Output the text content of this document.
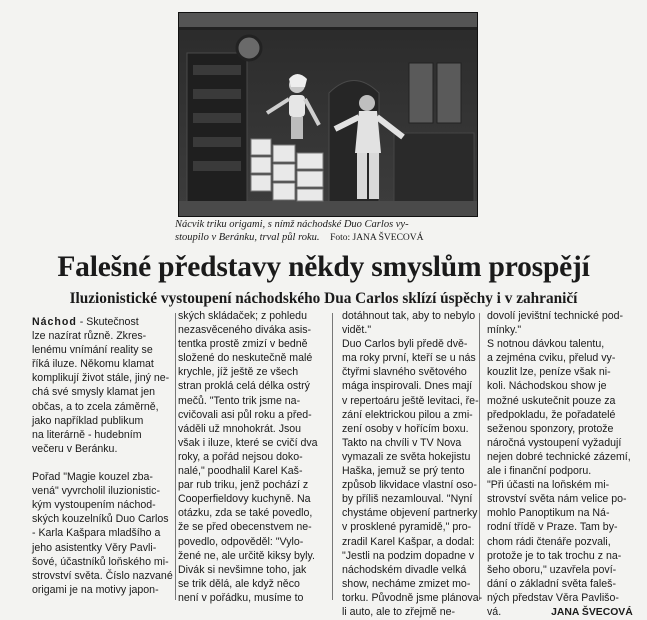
Nácvik triku origami, s nímž náchodské Duo Carlos vy-
stoupilo v Beránku, trval půl roku. Foto: JANA ŠVECOVÁ
Falešné představy někdy smyslům prospějí
Iluzionistické vystoupení náchodského Dua Carlos sklízí úspěchy i v zahraničí
Náchod - Skutečnost
lze nazírat různě. Zkres-
lenému vnímání reality se
říká iluze. Někomu klamat
komplikují život stále, jiný ne-
chá své smysly klamat jen
občas, a to zcela záměrně,
jako například publikum
na literárně - hudebním
večeru v Beránku.
Pořad "Magie kouzel zba-
vená" vyvrcholil iluzionistic-
kým vystoupením náchod-
ských kouzelníků Duo Carlos
- Karla Kašpara mladšího a
jeho asistentky Věry Pavli-
šové, účastníků loňského mi-
strovství světa. Číslo nazvané
origami je na motivy japon-
ských skládaček; z pohledu
nezasvěceného diváka asis-
tentka prostě zmizí v bedně
složené do neskutečně malé
krychle, jíž ještě ze všech
stran proklá celá délka ostrý
mečů. "Tento trik jsme na-
cvičovali asi půl roku a před-
váděli už mnohokrát. Jsou
však i iluze, které se cvičí dva
roky, a pořád nejsou doko-
nalé," poodhalil Karel Kaš-
par rub triku, jenž pochází z
Cooperfieldovy kuchyně. Na
otázku, zda se také povedlo,
že se před obecenstvem ne-
povedlo, odpověděl: "Vylo-
žené ne, ale určitě kiksy byly.
Divák si nevšimne toho, jak
se trik dělá, ale když něco
není v pořádku, musíme to
dotáhnout tak, aby to nebylo
vidět."
Duo Carlos byli předě dvě-
ma roky první, kteří se u nás
čtyřmi slavného světového
mága inspirovali. Dnes mají
v repertoáru ještě levitaci, ře-
zání elektrickou pilou a zmi-
zení osoby v hořícím boxu.
Takto na chvíli v TV Nova
vymazali ze světa hokejistu
Haška, jemuž se prý tento
způsob likvidace vlastní oso-
by příliš nezamlouval. "Nyní
chystáme objevení partnerky
v prosklené pyramidě," pro-
zradil Karel Kašpar, a dodal:
"Jestli na podzim dopadne v
náchodském divadle velká
show, necháme zmizet mo-
torku. Původně jsme plánova-
li auto, ale to zřejmě ne-
dovolí jevištní technické pod-
mínky."
S notnou dávkou talentu,
a zejména cviku, přelud vy-
kouzlit lze, peníze však ni-
koli. Náchodskou show je
možné uskutečnit pouze za
předpokladu, že pořadatelé
seženou sponzory, protože
náročná vystoupení vyžadují
nejen dobré technické zázemí,
ale i finanční podporu.
"Při účasti na loňském mi-
strovství světa nám velice po-
mohlo Panoptikum na Ná-
rodní třídě v Praze. Tam by-
chom rádi čtenáře pozvali,
protože je to tak trochu z na-
šeho oboru," uzavřela poví-
dání o základní světa faleš-
ných představ Věra Pavlišo-
vá.	JANA ŠVECOVÁ
